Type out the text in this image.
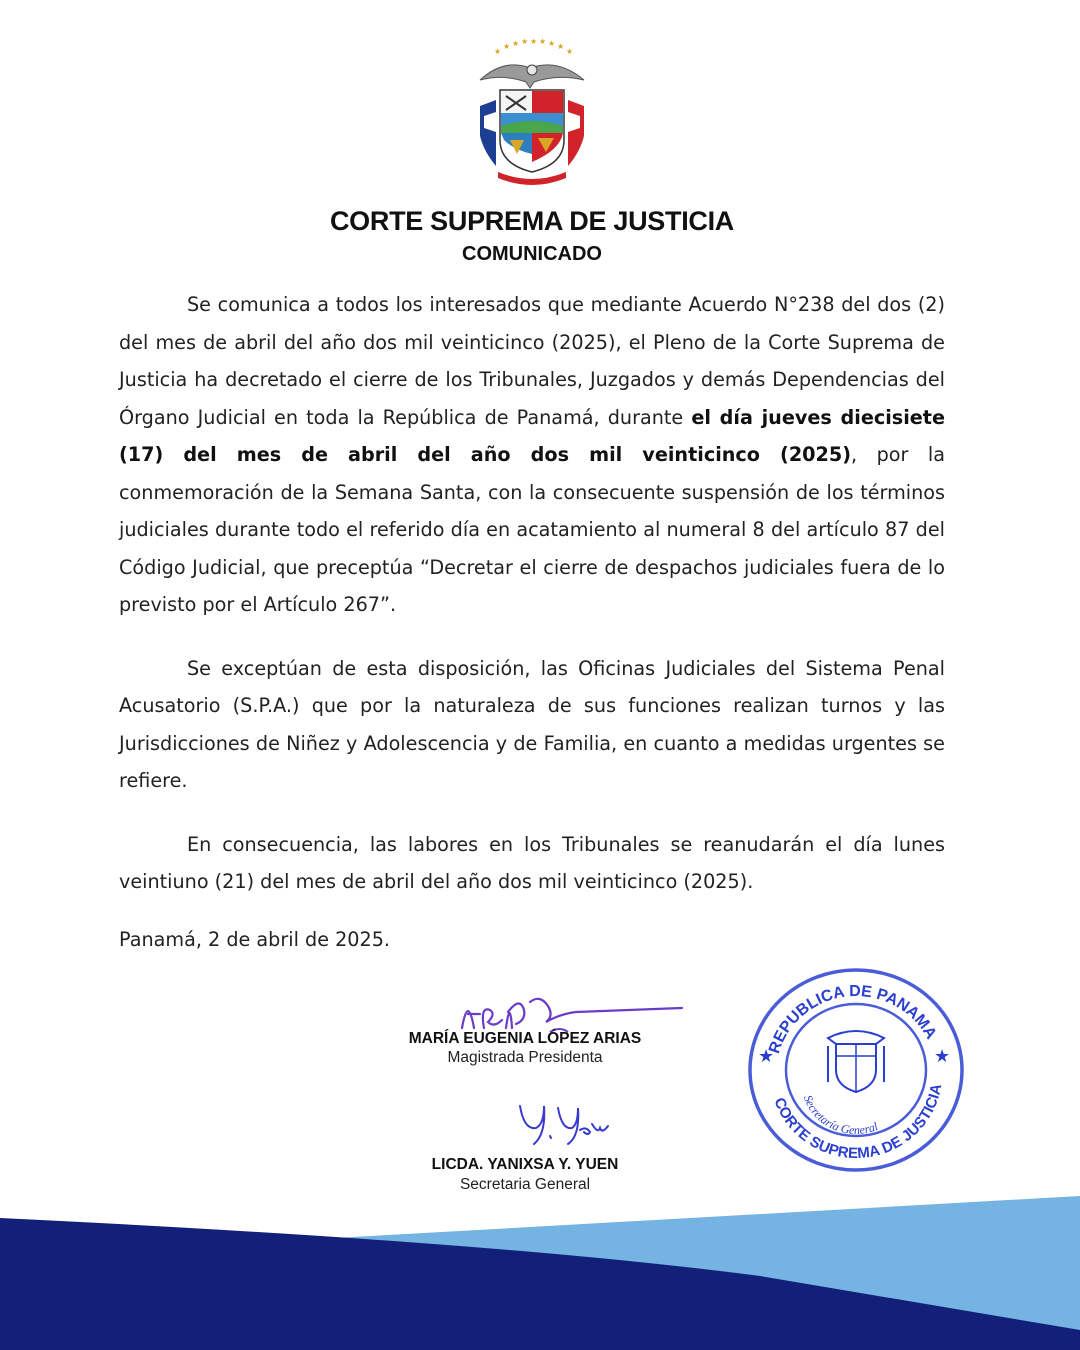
★
★ ★ ★ ★ ★ ★ ★
★
CORTE SUPREMA DE JUSTICIA
COMUNICADO

Se comunica a todos los interesados que mediante Acuerdo N°238 del dos (2) del mes de abril del año dos mil veinticinco (2025), el Pleno de la Corte Suprema de Justicia ha decretado el cierre de los Tribunales, Juzgados y demás Dependencias del Órgano Judicial en toda la República de Panamá, durante el día jueves diecisiete (17) del mes de abril del año dos mil veinticinco (2025), por la conmemoración de la Semana Santa, con la consecuente suspensión de los términos judiciales durante todo el referido día en acatamiento al numeral 8 del artículo 87 del Código Judicial, que preceptúa “Decretar el cierre de despachos judiciales fuera de lo previsto por el Artículo 267”.

Se exceptúan de esta disposición, las Oficinas Judiciales del Sistema Penal Acusatorio (S.P.A.) que por la naturaleza de sus funciones realizan turnos y las Jurisdicciones de Niñez y Adolescencia y de Familia, en cuanto a medidas urgentes se refiere.

En consecuencia, las labores en los Tribunales se reanudarán el día lunes veintiuno (21) del mes de abril del año dos mil veinticinco (2025).

Panamá, 2 de abril de 2025.

MARÍA EUGENIA LÓPEZ ARIAS
Magistrada Presidenta
LICDA. YANIXSA Y. YUEN
Secretaria General
REPUBLICA DE PANAMA
CORTE SUPREMA DE JUSTICIA
Secretaría General
★	★
